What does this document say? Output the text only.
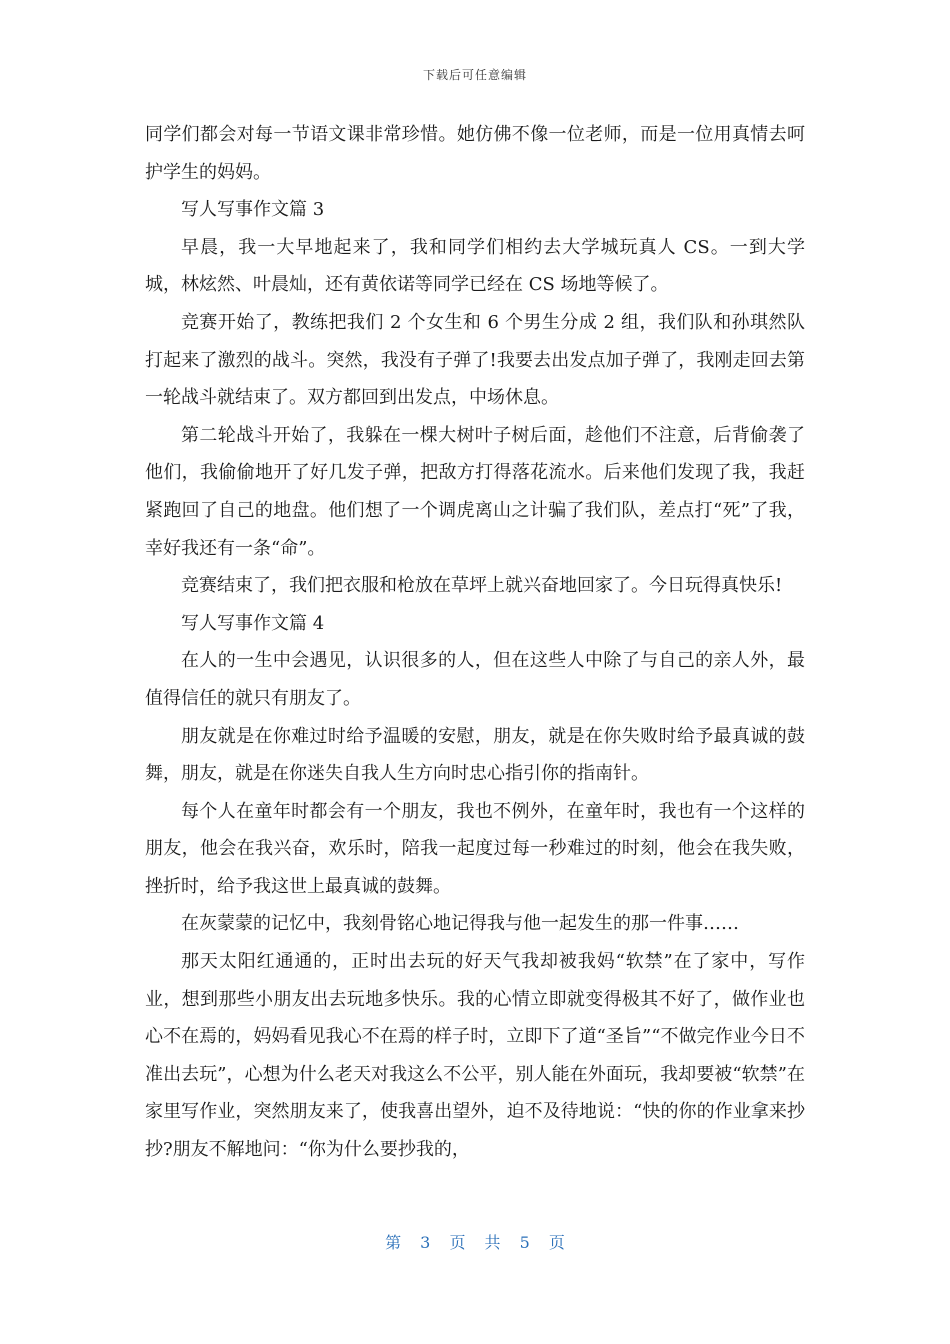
下载后可任意编辑

同学们都会对每一节语文课非常珍惜。她仿佛不像一位老师，而是一位用真情去呵护学生的妈妈。

写人写事作文篇 3

早晨，我一大早地起来了，我和同学们相约去大学城玩真人 CS。一到大学城，林炫然、叶晨灿，还有黄依诺等同学已经在 CS 场地等候了。

竞赛开始了，教练把我们 2 个女生和 6 个男生分成 2 组，我们队和孙琪然队打起来了激烈的战斗。突然，我没有子弹了!我要去出发点加子弹了，我刚走回去第一轮战斗就结束了。双方都回到出发点，中场休息。

第二轮战斗开始了，我躲在一棵大树叶子树后面，趁他们不注意，后背偷袭了他们，我偷偷地开了好几发子弹，把敌方打得落花流水。后来他们发现了我，我赶紧跑回了自己的地盘。他们想了一个调虎离山之计骗了我们队，差点打“死”了我，幸好我还有一条“命”。

竞赛结束了，我们把衣服和枪放在草坪上就兴奋地回家了。今日玩得真快乐!

写人写事作文篇 4

在人的一生中会遇见，认识很多的人，但在这些人中除了与自己的亲人外，最值得信任的就只有朋友了。

朋友就是在你难过时给予温暖的安慰，朋友，就是在你失败时给予最真诚的鼓舞，朋友，就是在你迷失自我人生方向时忠心指引你的指南针。

每个人在童年时都会有一个朋友，我也不例外，在童年时，我也有一个这样的朋友，他会在我兴奋，欢乐时，陪我一起度过每一秒难过的时刻，他会在我失败，挫折时，给予我这世上最真诚的鼓舞。

在灰蒙蒙的记忆中，我刻骨铭心地记得我与他一起发生的那一件事……

那天太阳红通通的，正时出去玩的好天气我却被我妈“软禁”在了家中，写作业，想到那些小朋友出去玩地多快乐。我的心情立即就变得极其不好了，做作业也心不在焉的，妈妈看见我心不在焉的样子时，立即下了道“圣旨”“不做完作业今日不准出去玩”，心想为什么老天对我这么不公平，别人能在外面玩，我却要被“软禁”在家里写作业，突然朋友来了，使我喜出望外，迫不及待地说：“快的你的作业拿来抄抄?朋友不解地问：“你为什么要抄我的，

第 3 页 共 5 页
